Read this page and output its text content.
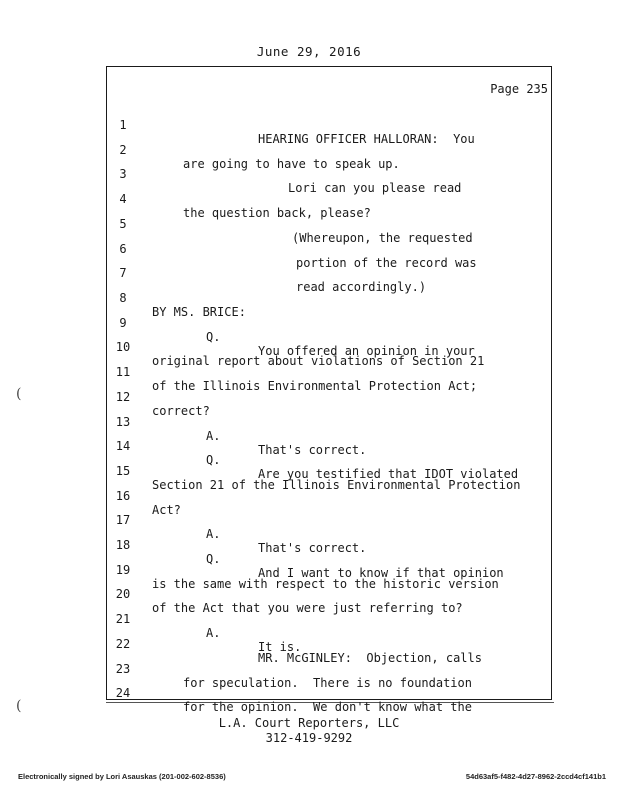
June 29, 2016
Page 235

1

HEARING OFFICER HALLORAN:  You

2

are going to have to speak up.

3

Lori can you please read

4

the question back, please?

5

(Whereupon, the requested

6

portion of the record was

7

read accordingly.)

8

BY MS. BRICE:

9

Q.

You offered an opinion in your

10

original report about violations of Section 21

11

of the Illinois Environmental Protection Act;

12

correct?

13

A.

That's correct.

14

Q.

Are you testified that IDOT violated

15

Section 21 of the Illinois Environmental Protection

16

Act?

17

A.

That's correct.

18

Q.

And I want to know if that opinion

19

is the same with respect to the historic version

20

of the Act that you were just referring to?

21

A.

It is.

22

MR. McGINLEY:  Objection, calls

23

for speculation.  There is no foundation

24

for the opinion.  We don't know what the

(
(
L.A. Court Reporters, LLC
312-419-9292
Electronically signed by Lori Asauskas (201-002-602-8536)	54d63af5-f482-4d27-8962-2ccd4cf141b1
